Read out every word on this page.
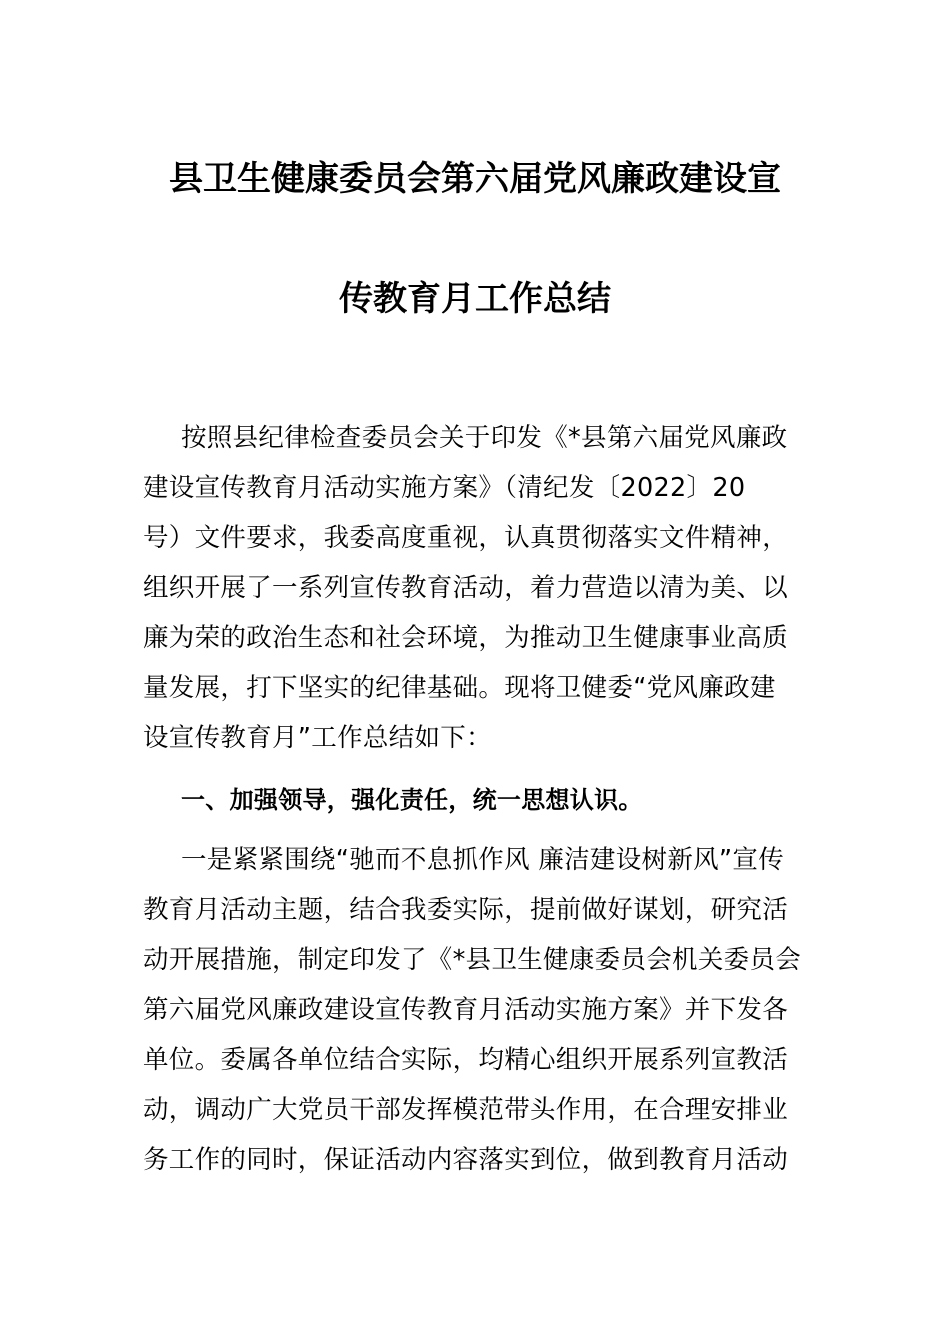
县卫生健康委员会第六届党风廉政建设宣
传教育月工作总结
按照县纪律检查委员会关于印发《*县第六届党风廉政
建设宣传教育月活动实施方案》（清纪发〔2022〕20
号）文件要求，我委高度重视，认真贯彻落实文件精神，
组织开展了一系列宣传教育活动，着力营造以清为美、以
廉为荣的政治生态和社会环境，为推动卫生健康事业高质
量发展，打下坚实的纪律基础。现将卫健委“党风廉政建
设宣传教育月”工作总结如下：
一、加强领导，强化责任，统一思想认识。
一是紧紧围绕“驰而不息抓作风 廉洁建设树新风”宣传
教育月活动主题，结合我委实际，提前做好谋划，研究活
动开展措施，制定印发了《*县卫生健康委员会机关委员会
第六届党风廉政建设宣传教育月活动实施方案》并下发各
单位。委属各单位结合实际，均精心组织开展系列宣教活
动，调动广大党员干部发挥模范带头作用，在合理安排业
务工作的同时，保证活动内容落实到位，做到教育月活动
